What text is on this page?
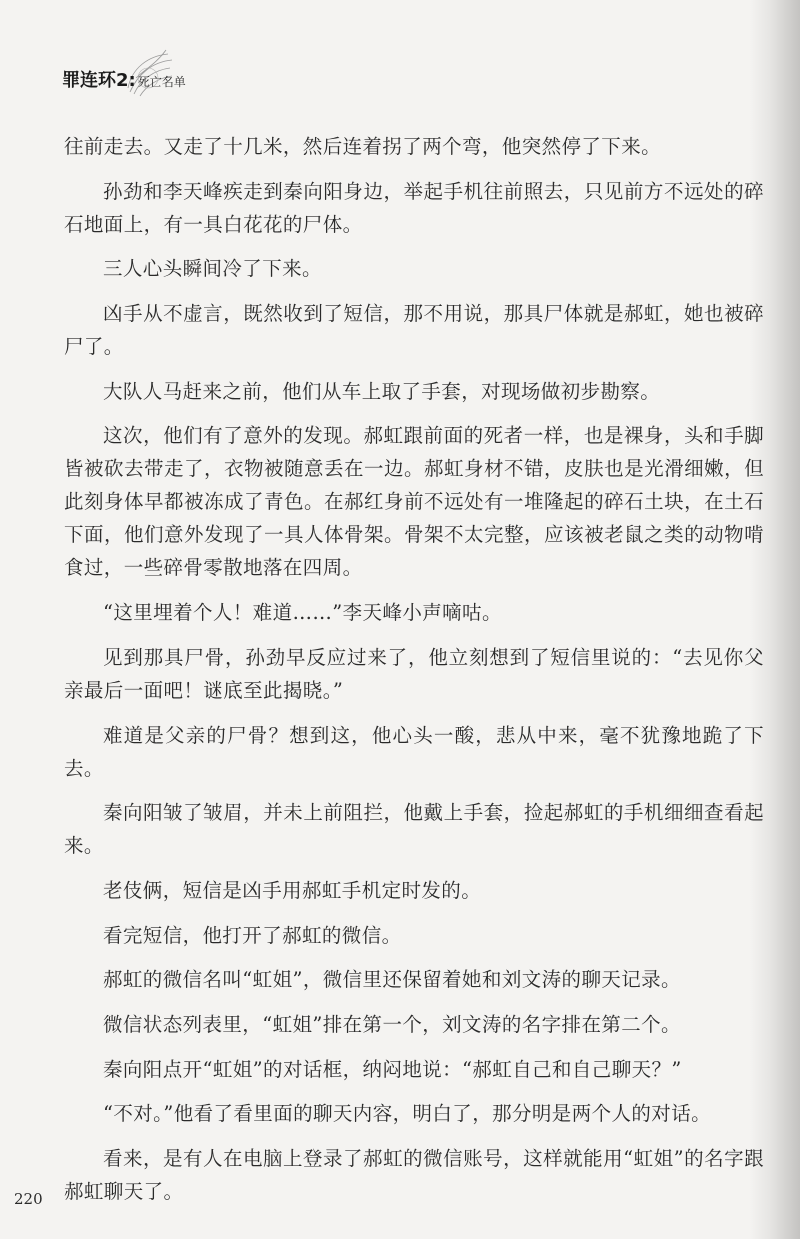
罪连环2: 死亡名单

往前走去。又走了十几米，然后连着拐了两个弯，他突然停了下来。

孙劲和李天峰疾走到秦向阳身边，举起手机往前照去，只见前方不远处的碎石地面上，有一具白花花的尸体。

三人心头瞬间冷了下来。

凶手从不虚言，既然收到了短信，那不用说，那具尸体就是郝虹，她也被碎尸了。

大队人马赶来之前，他们从车上取了手套，对现场做初步勘察。

这次，他们有了意外的发现。郝虹跟前面的死者一样，也是裸身，头和手脚皆被砍去带走了，衣物被随意丢在一边。郝虹身材不错，皮肤也是光滑细嫩，但此刻身体早都被冻成了青色。在郝红身前不远处有一堆隆起的碎石土块，在土石下面，他们意外发现了一具人体骨架。骨架不太完整，应该被老鼠之类的动物啃食过，一些碎骨零散地落在四周。

“这里埋着个人！难道……”李天峰小声嘀咕。

见到那具尸骨，孙劲早反应过来了，他立刻想到了短信里说的：“去见你父亲最后一面吧！谜底至此揭晓。”

难道是父亲的尸骨？想到这，他心头一酸，悲从中来，毫不犹豫地跪了下去。

秦向阳皱了皱眉，并未上前阻拦，他戴上手套，捡起郝虹的手机细细查看起来。

老伎俩，短信是凶手用郝虹手机定时发的。

看完短信，他打开了郝虹的微信。

郝虹的微信名叫“虹姐”，微信里还保留着她和刘文涛的聊天记录。

微信状态列表里，“虹姐”排在第一个，刘文涛的名字排在第二个。

秦向阳点开“虹姐”的对话框，纳闷地说：“郝虹自己和自己聊天？”

“不对。”他看了看里面的聊天内容，明白了，那分明是两个人的对话。

看来，是有人在电脑上登录了郝虹的微信账号，这样就能用“虹姐”的名字跟郝虹聊天了。

220
